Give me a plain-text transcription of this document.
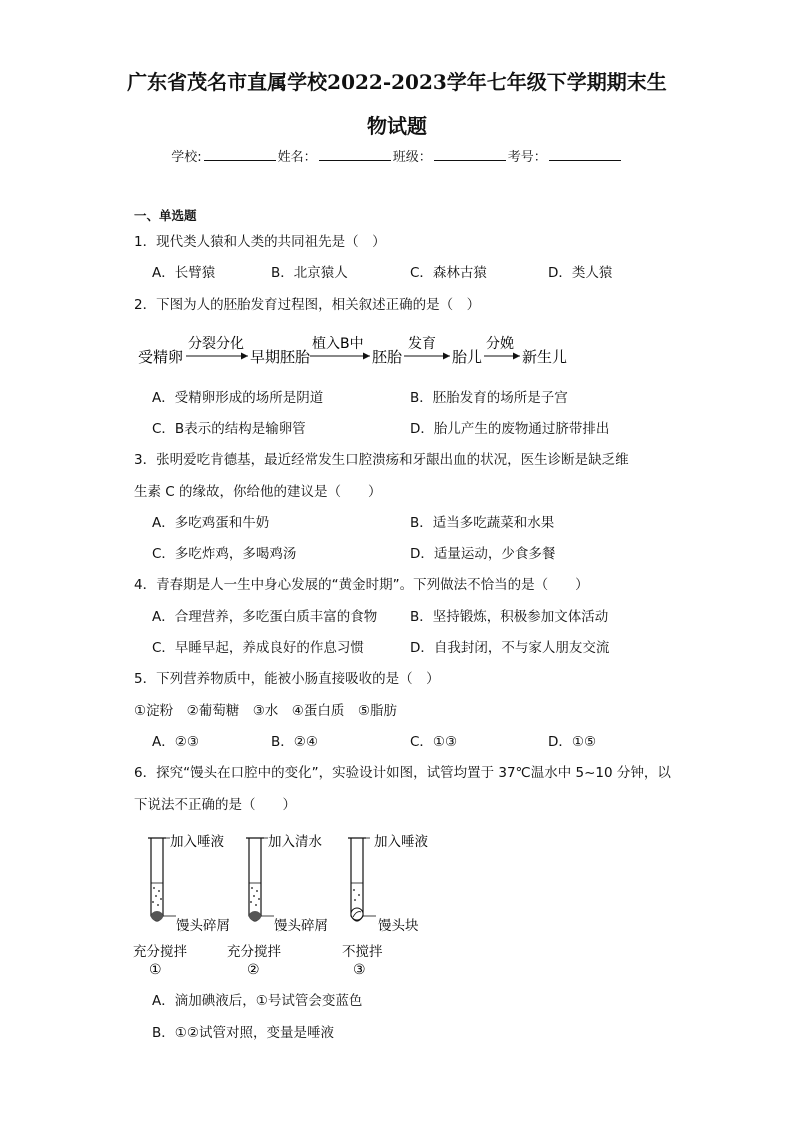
广东省茂名市直属学校2022-2023学年七年级下学期期末生
物试题
学校:	姓名：	班级：	考号：
一、单选题
1．现代类人猿和人类的共同祖先是（　）
A．长臂猿	B．北京猿人	C．森林古猿	D．类人猿
2．下图为人的胚胎发育过程图，相关叙述正确的是（　）
受精卵
分裂分化
早期胚胎
植入B中
胚胎
发育
胎儿
分娩
新生儿
A．受精卵形成的场所是阴道	B．胚胎发育的场所是子宫
C．B表示的结构是输卵管	D．胎儿产生的废物通过脐带排出
3．张明爱吃肯德基，最近经常发生口腔溃疡和牙龈出血的状况，医生诊断是缺乏维
生素 C 的缘故，你给他的建议是（　　）
A．多吃鸡蛋和牛奶	B．适当多吃蔬菜和水果
C．多吃炸鸡，多喝鸡汤	D．适量运动，少食多餐
4．青春期是人一生中身心发展的“黄金时期”。下列做法不恰当的是（　　）
A．合理营养，多吃蛋白质丰富的食物 B．坚持锻炼，积极参加文体活动
C．早睡早起，养成良好的作息习惯	D．自我封闭，不与家人朋友交流
5．下列营养物质中，能被小肠直接吸收的是（　）
①淀粉　②葡萄糖　③水　④蛋白质　⑤脂肪
A．②③	B．②④	C．①③	D．①⑤
6．探究“馒头在口腔中的变化”，实验设计如图，试管均置于 37℃温水中 5~10 分钟，以
下说法不正确的是（　　）
加入唾液
馒头碎屑
充分搅拌
①
加入清水
馒头碎屑
充分搅拌
②
加入唾液
馒头块
不搅拌
③
A．滴加碘液后，①号试管会变蓝色
B．①②试管对照，变量是唾液
